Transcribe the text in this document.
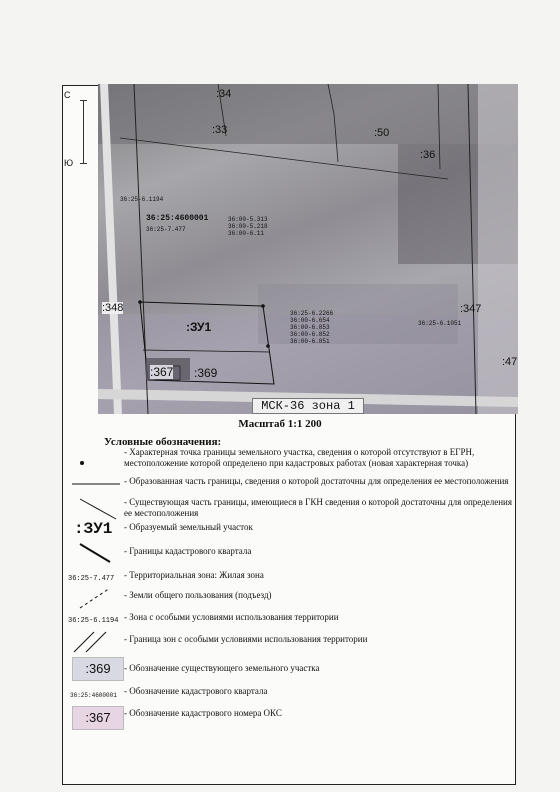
С
Ю
:34
:33	:50
:36
:348	:347
:47
:369
:367
36:25-6.1194
36:25:4600001
36:25-7.477
36:00-5.313
36:00-5.218
36:00-6.11
36:25-6.2266
36:00-6.654
36:00-6.853
36:00-6.852
36:00-6.851
36:25-6.1051
:ЗУ1
МСК-36 зона 1
Масштаб 1:1 200
Условные обозначения:
- Характерная точка границы земельного участка, сведения о которой отсутствуют в ЕГРН, местоположение которой определено при кадастровых работах (новая характерная точка)
- Образованная часть границы, сведения о которой достаточны для определения ее местоположения
- Существующая часть границы, имеющиеся в ГКН сведения о которой достаточны для определения ее местоположения
:ЗУ1 - Образуемый земельный участок
- Границы кадастрового квартала
36:25-7.477 - Территориальная зона: Жилая зона
- Земли общего пользования (подъезд)
36:25-6.1194 - Зона с особыми условиями использования территории
- Граница зон с особыми условиями использования территории
:369	- Обозначение существующего земельного участка
36:25:4600001 - Обозначение кадастрового квартала
:367	- Обозначение кадастрового номера ОКС
